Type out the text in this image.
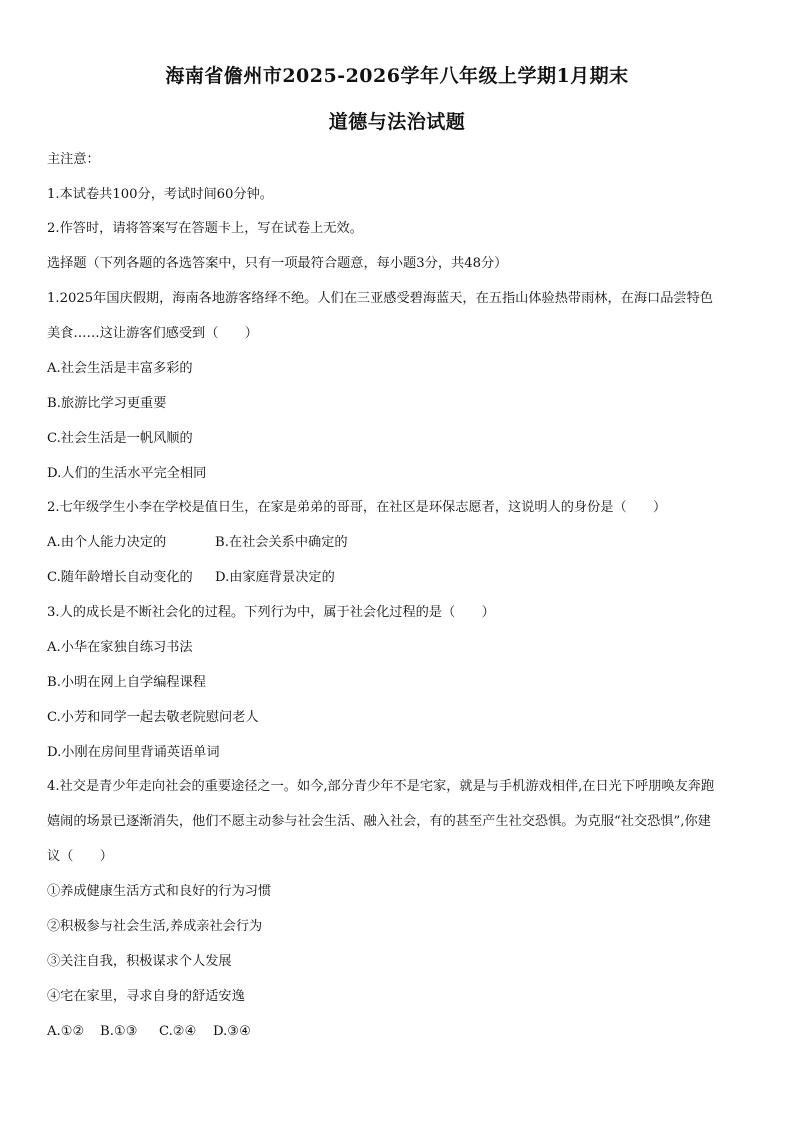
海南省儋州市2025-2026学年八年级上学期1月期末
道德与法治试题
主注意：
1.本试卷共100分，考试时间60分钟。
2.作答时，请将答案写在答题卡上，写在试卷上无效。
选择题（下列各题的各选答案中，只有一项最符合题意，每小题3分，共48分）
1.2025年国庆假期，海南各地游客络绎不绝。人们在三亚感受碧海蓝天，在五指山体验热带雨林，在海口品尝特色
美食……这让游客们感受到（　　）
A.社会生活是丰富多彩的
B.旅游比学习更重要
C.社会生活是一帆风顺的
D.人们的生活水平完全相同
2.七年级学生小李在学校是值日生，在家是弟弟的哥哥，在社区是环保志愿者，这说明人的身份是（　　）
A.由个人能力决定的	B.在社会关系中确定的
C.随年龄增长自动变化的 D.由家庭背景决定的
3.人的成长是不断社会化的过程。下列行为中，属于社会化过程的是（　　）
A.小华在家独自练习书法
B.小明在网上自学编程课程
C.小芳和同学一起去敬老院慰问老人
D.小刚在房间里背诵英语单词
4.社交是青少年走向社会的重要途径之一。如今,部分青少年不是宅家，就是与手机游戏相伴,在日光下呼朋唤友奔跑
嬉闹的场景已逐渐消失，他们不愿主动参与社会生活、融入社会，有的甚至产生社交恐惧。为克服“社交恐惧”,你建
议（　　）
①养成健康生活方式和良好的行为习惯
②积极参与社会生活,养成亲社会行为
③关注自我，积极谋求个人发展
④宅在家里，寻求自身的舒适安逸
A.①② B.①③ C.②④ D.③④
